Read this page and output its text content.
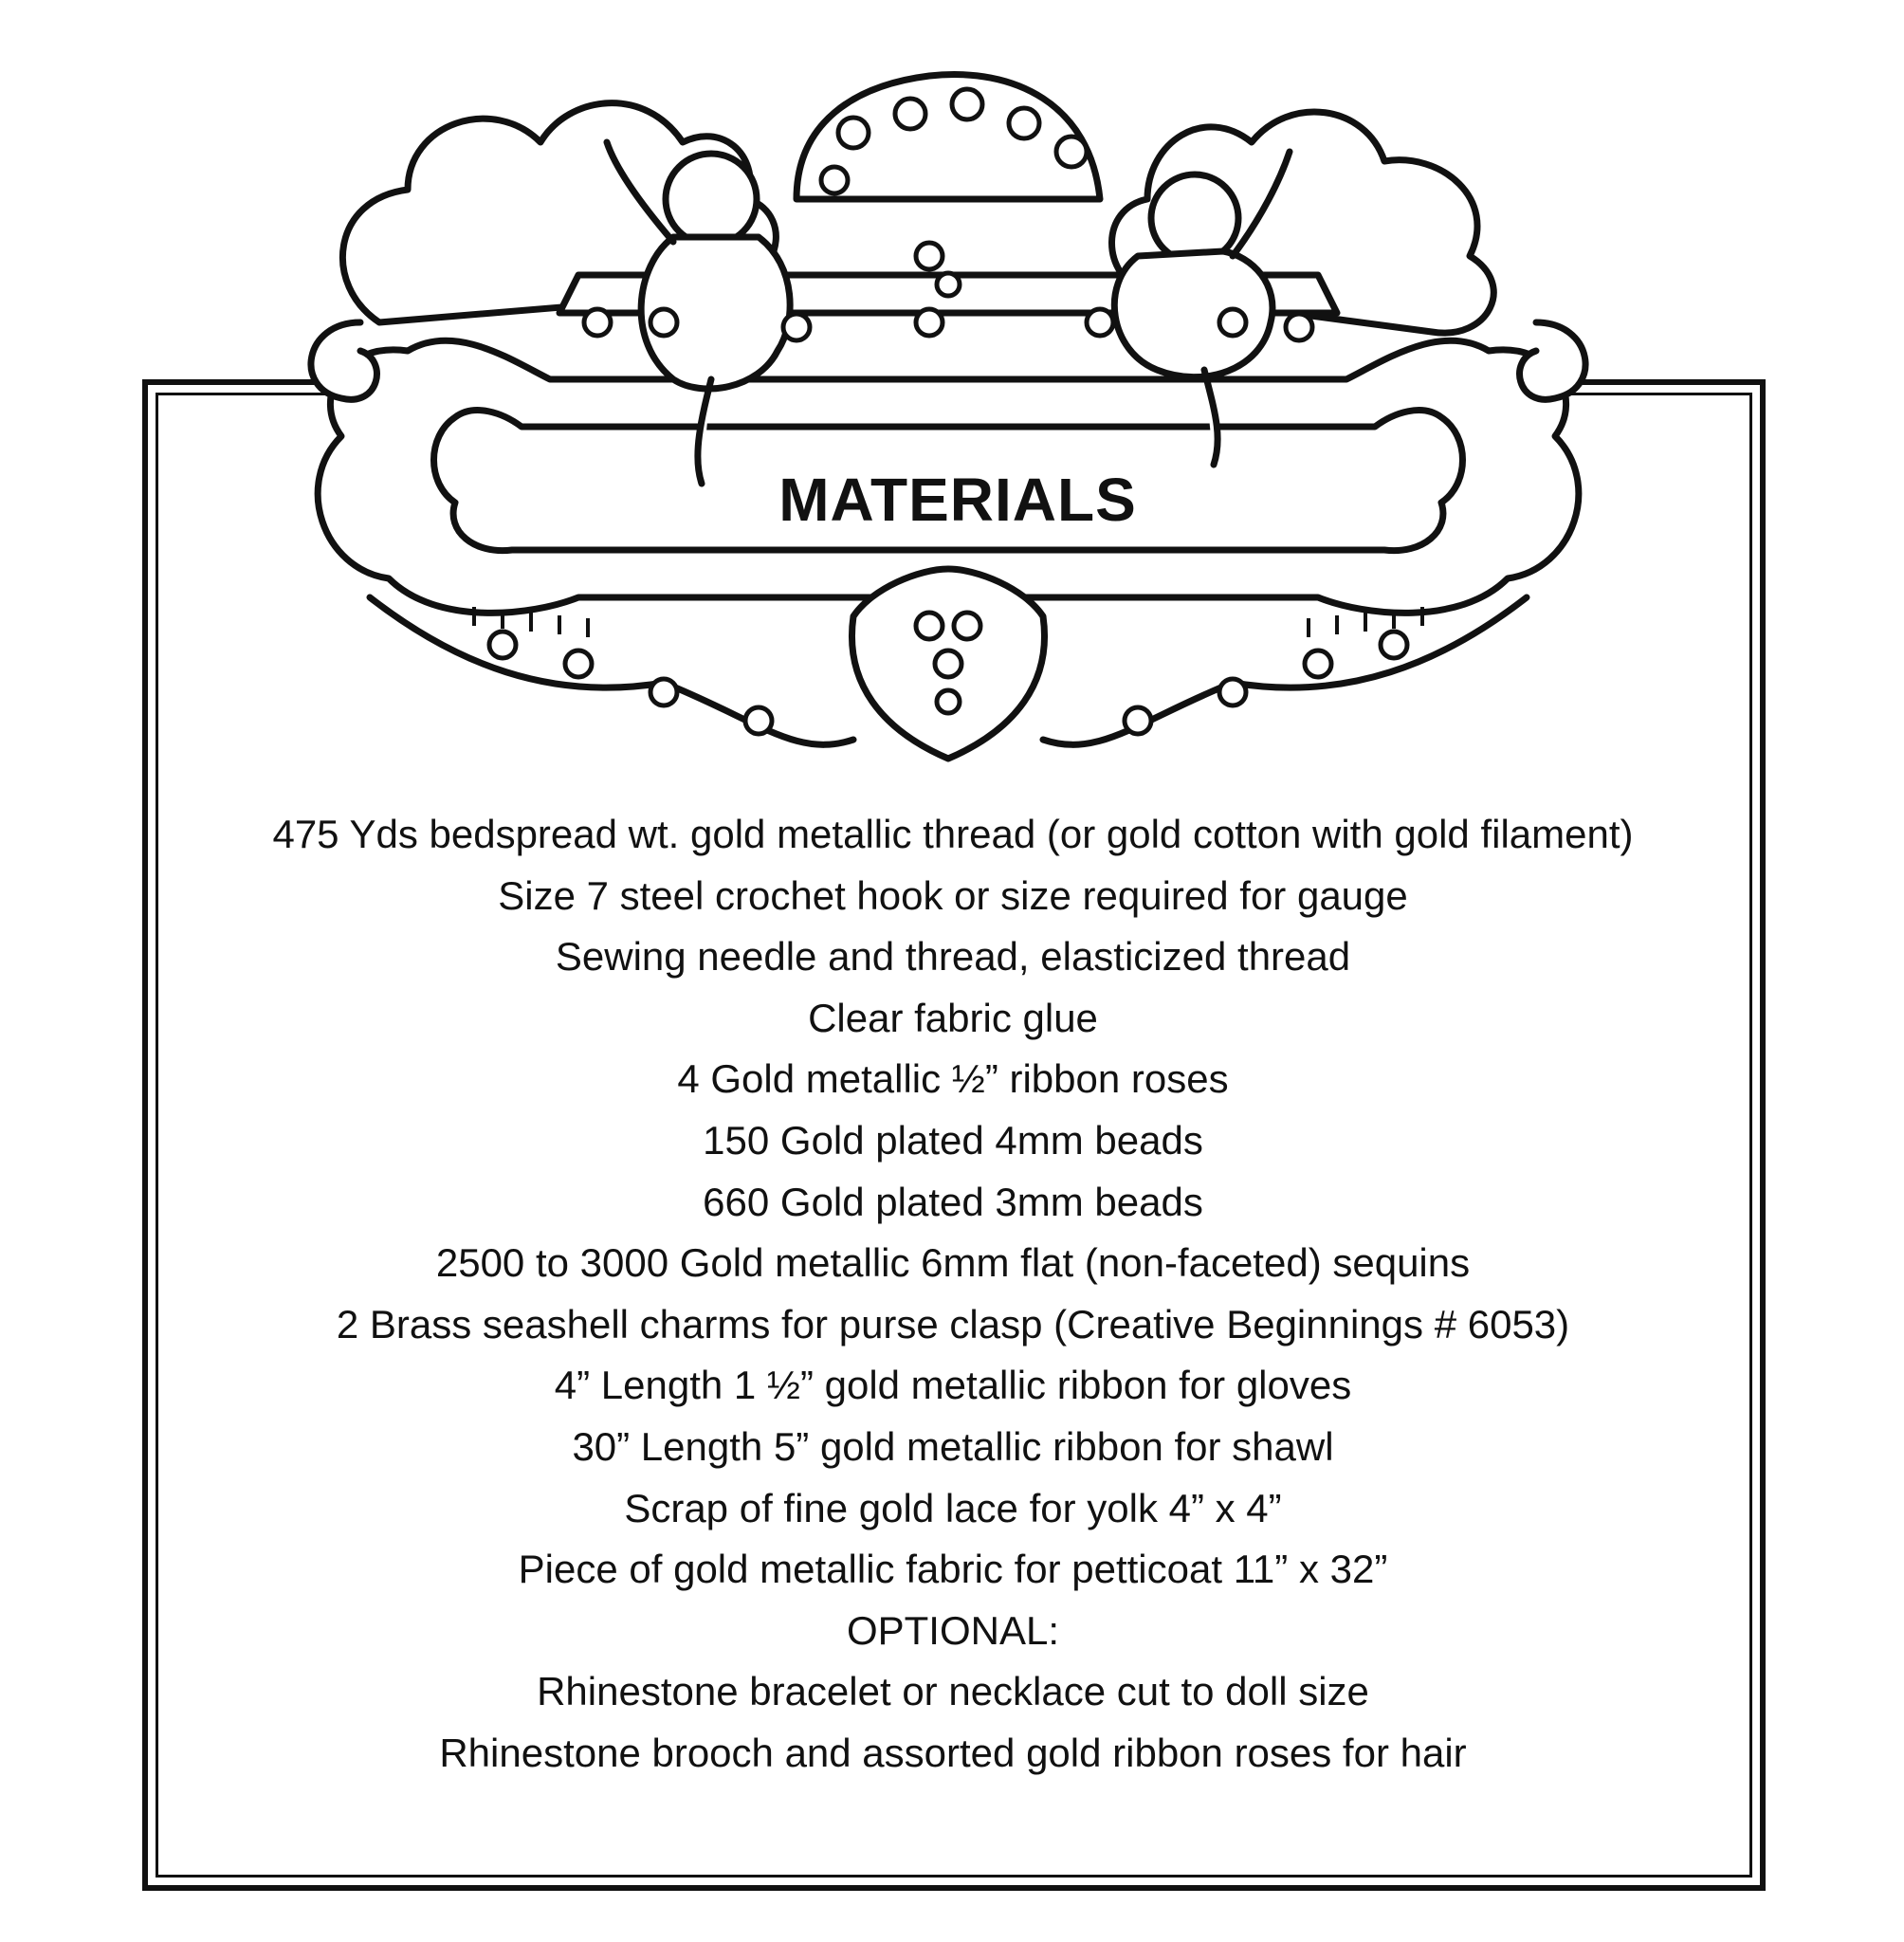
MATERIALS
475 Yds bedspread wt. gold metallic thread (or gold cotton with gold filament)
Size 7 steel crochet hook or size required for gauge
Sewing needle and thread, elasticized thread
Clear fabric glue
4 Gold metallic ½” ribbon roses
150 Gold plated 4mm beads
660 Gold plated 3mm beads
2500 to 3000 Gold metallic 6mm flat (non-faceted) sequins
2 Brass seashell charms for purse clasp (Creative Beginnings # 6053)
4” Length 1 ½” gold metallic ribbon for gloves
30” Length 5” gold metallic ribbon for shawl
Scrap of fine gold lace for yolk 4” x 4”
Piece of gold metallic fabric for petticoat 11” x 32”
OPTIONAL:
Rhinestone bracelet or necklace cut to doll size
Rhinestone brooch and assorted gold ribbon roses for hair
